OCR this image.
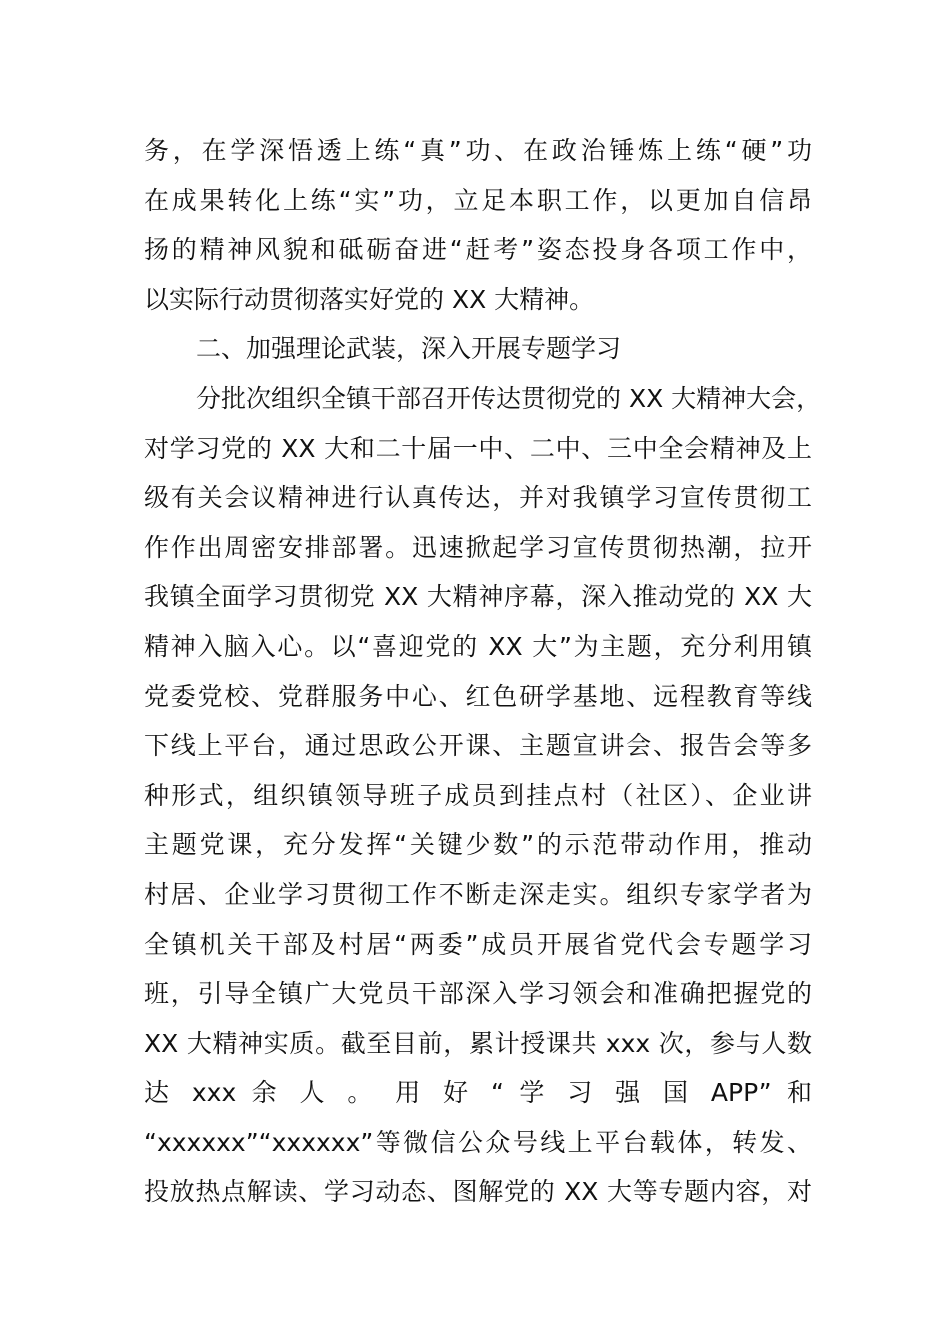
务，在学深悟透上练“真”功、在政治锤炼上练“硬”功
在成果转化上练“实”功，立足本职工作，以更加自信昂
扬的精神风貌和砥砺奋进“赶考”姿态投身各项工作中，
以实际行动贯彻落实好党的 XX 大精神。
二、加强理论武装，深入开展专题学习
分批次组织全镇干部召开传达贯彻党的 XX 大精神大会，
对学习党的 XX 大和二十届一中、二中、三中全会精神及上
级有关会议精神进行认真传达，并对我镇学习宣传贯彻工
作作出周密安排部署。迅速掀起学习宣传贯彻热潮，拉开
我镇全面学习贯彻党 XX 大精神序幕，深入推动党的 XX 大
精神入脑入心。以“喜迎党的 XX 大”为主题，充分利用镇
党委党校、党群服务中心、红色研学基地、远程教育等线
下线上平台，通过思政公开课、主题宣讲会、报告会等多
种形式，组织镇领导班子成员到挂点村（社区）、企业讲
主题党课，充分发挥“关键少数”的示范带动作用，推动
村居、企业学习贯彻工作不断走深走实。组织专家学者为
全镇机关干部及村居“两委”成员开展省党代会专题学习
班，引导全镇广大党员干部深入学习领会和准确把握党的
XX 大精神实质。截至目前，累计授课共 xxx 次，参与人数
达 xxx 余 人 。 用 好 “ 学 习 强 国 APP” 和
“xxxxxx”“xxxxxx”等微信公众号线上平台载体，转发、
投放热点解读、学习动态、图解党的 XX 大等专题内容，对
